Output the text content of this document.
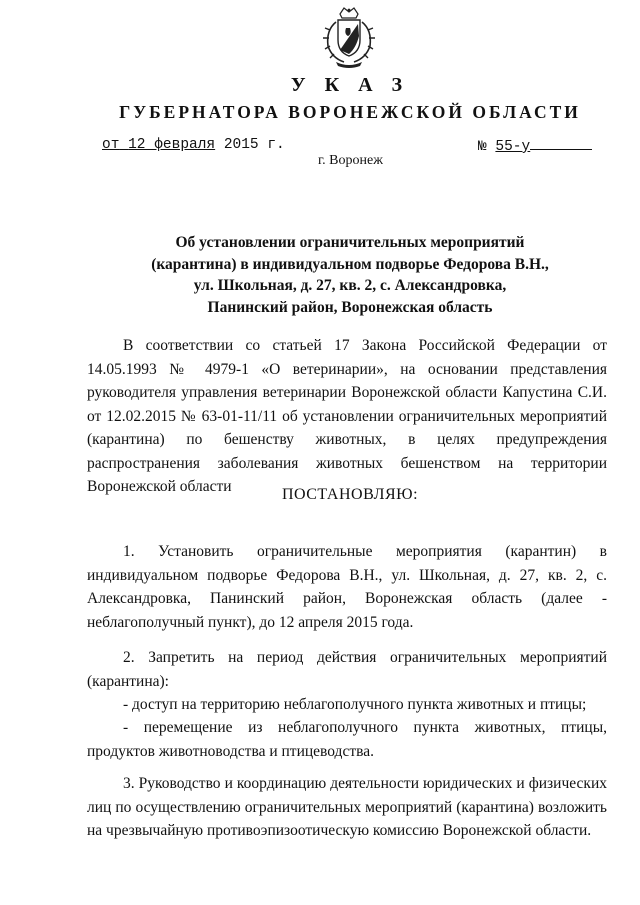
У К А З
ГУБЕРНАТОРА ВОРОНЕЖСКОЙ ОБЛАСТИ
от 12 февраля 2015 г.	№ 55-у
г. Воронеж
Об установлении ограничительных мероприятий
(карантина) в индивидуальном подворье Федорова В.Н.,
ул. Школьная, д. 27, кв. 2, с. Александровка,
Панинский район, Воронежская область
В соответствии со статьей 17 Закона Российской Федерации от 14.05.1993 № 4979-1 «О ветеринарии», на основании представления руководителя управления ветеринарии Воронежской области Капустина С.И. от 12.02.2015 № 63-01-11/11 об установлении ограничительных мероприятий (карантина) по бешенству животных, в целях предупреждения распространения заболевания животных бешенством на территории Воронежской области	ПОСТАНОВЛЯЮ:
1. Установить ограничительные мероприятия (карантин) в индивидуальном подворье Федорова В.Н., ул. Школьная, д. 27, кв. 2, с. Александровка, Панинский район, Воронежская область (далее - неблагополучный пункт), до 12 апреля 2015 года.
2. Запретить на период действия ограничительных мероприятий (карантина):
- доступ на территорию неблагополучного пункта животных и птицы;
- перемещение из неблагополучного пункта животных, птицы, продуктов животноводства и птицеводства.
3. Руководство и координацию деятельности юридических и физических лиц по осуществлению ограничительных мероприятий (карантина) возложить на чрезвычайную противоэпизоотическую комиссию Воронежской области.
